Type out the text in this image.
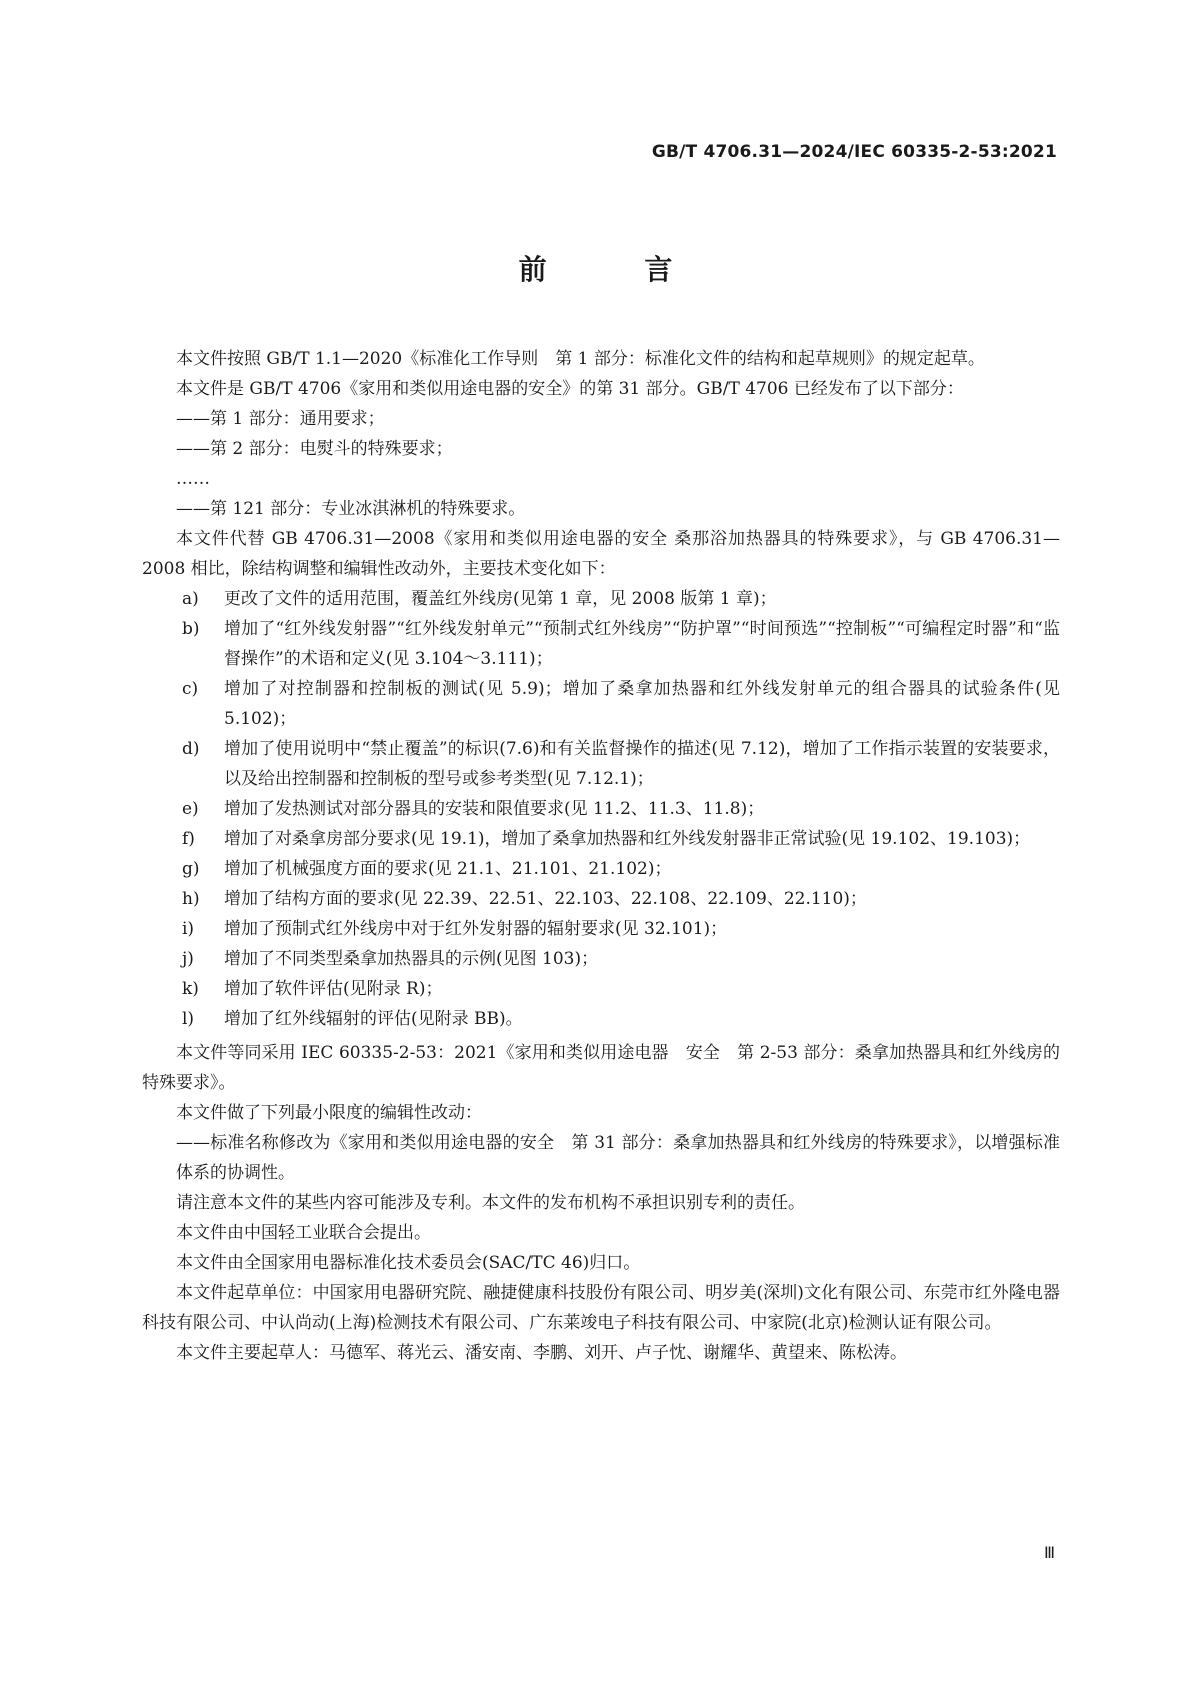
GB/T 4706.31—2024/IEC 60335-2-53:2021
前 言

本文件按照 GB/T 1.1—2020《标准化工作导则　第 1 部分：标准化文件的结构和起草规则》的规定起草。

本文件是 GB/T 4706《家用和类似用途电器的安全》的第 31 部分。GB/T 4706 已经发布了以下部分：

——第 1 部分：通用要求；

——第 2 部分：电熨斗的特殊要求；

……

——第 121 部分：专业冰淇淋机的特殊要求。

本文件代替 GB 4706.31—2008《家用和类似用途电器的安全 桑那浴加热器具的特殊要求》，与 GB 4706.31—2008 相比，除结构调整和编辑性改动外，主要技术变化如下：

a)	更改了文件的适用范围，覆盖红外线房(见第 1 章，见 2008 版第 1 章)；
b)	增加了“红外线发射器”“红外线发射单元”“预制式红外线房”“防护罩”“时间预选”“控制板”“可编程定时器”和“监督操作”的术语和定义(见 3.104～3.111)；
c)	增加了对控制器和控制板的测试(见 5.9)；增加了桑拿加热器和红外线发射单元的组合器具的试验条件(见 5.102)；
d)	增加了使用说明中“禁止覆盖”的标识(7.6)和有关监督操作的描述(见 7.12)，增加了工作指示装置的安装要求，以及给出控制器和控制板的型号或参考类型(见 7.12.1)；
e)	增加了发热测试对部分器具的安装和限值要求(见 11.2、11.3、11.8)；
f)	增加了对桑拿房部分要求(见 19.1)，增加了桑拿加热器和红外线发射器非正常试验(见 19.102、19.103)；
g)	增加了机械强度方面的要求(见 21.1、21.101、21.102)；
h)	增加了结构方面的要求(见 22.39、22.51、22.103、22.108、22.109、22.110)；
i)	增加了预制式红外线房中对于红外发射器的辐射要求(见 32.101)；
j)	增加了不同类型桑拿加热器具的示例(见图 103)；
k)	增加了软件评估(见附录 R)；
l)	增加了红外线辐射的评估(见附录 BB)。

本文件等同采用 IEC 60335-2-53：2021《家用和类似用途电器　安全　第 2-53 部分：桑拿加热器具和红外线房的特殊要求》。

本文件做了下列最小限度的编辑性改动：

——标准名称修改为《家用和类似用途电器的安全　第 31 部分：桑拿加热器具和红外线房的特殊要求》，以增强标准体系的协调性。

请注意本文件的某些内容可能涉及专利。本文件的发布机构不承担识别专利的责任。

本文件由中国轻工业联合会提出。

本文件由全国家用电器标准化技术委员会(SAC/TC 46)归口。

本文件起草单位：中国家用电器研究院、融捷健康科技股份有限公司、明岁美(深圳)文化有限公司、东莞市红外隆电器科技有限公司、中认尚动(上海)检测技术有限公司、广东莱竣电子科技有限公司、中家院(北京)检测认证有限公司。

本文件主要起草人：马德军、蒋光云、潘安南、李鹏、刘开、卢子忱、谢耀华、黄望来、陈松涛。

Ⅲ
